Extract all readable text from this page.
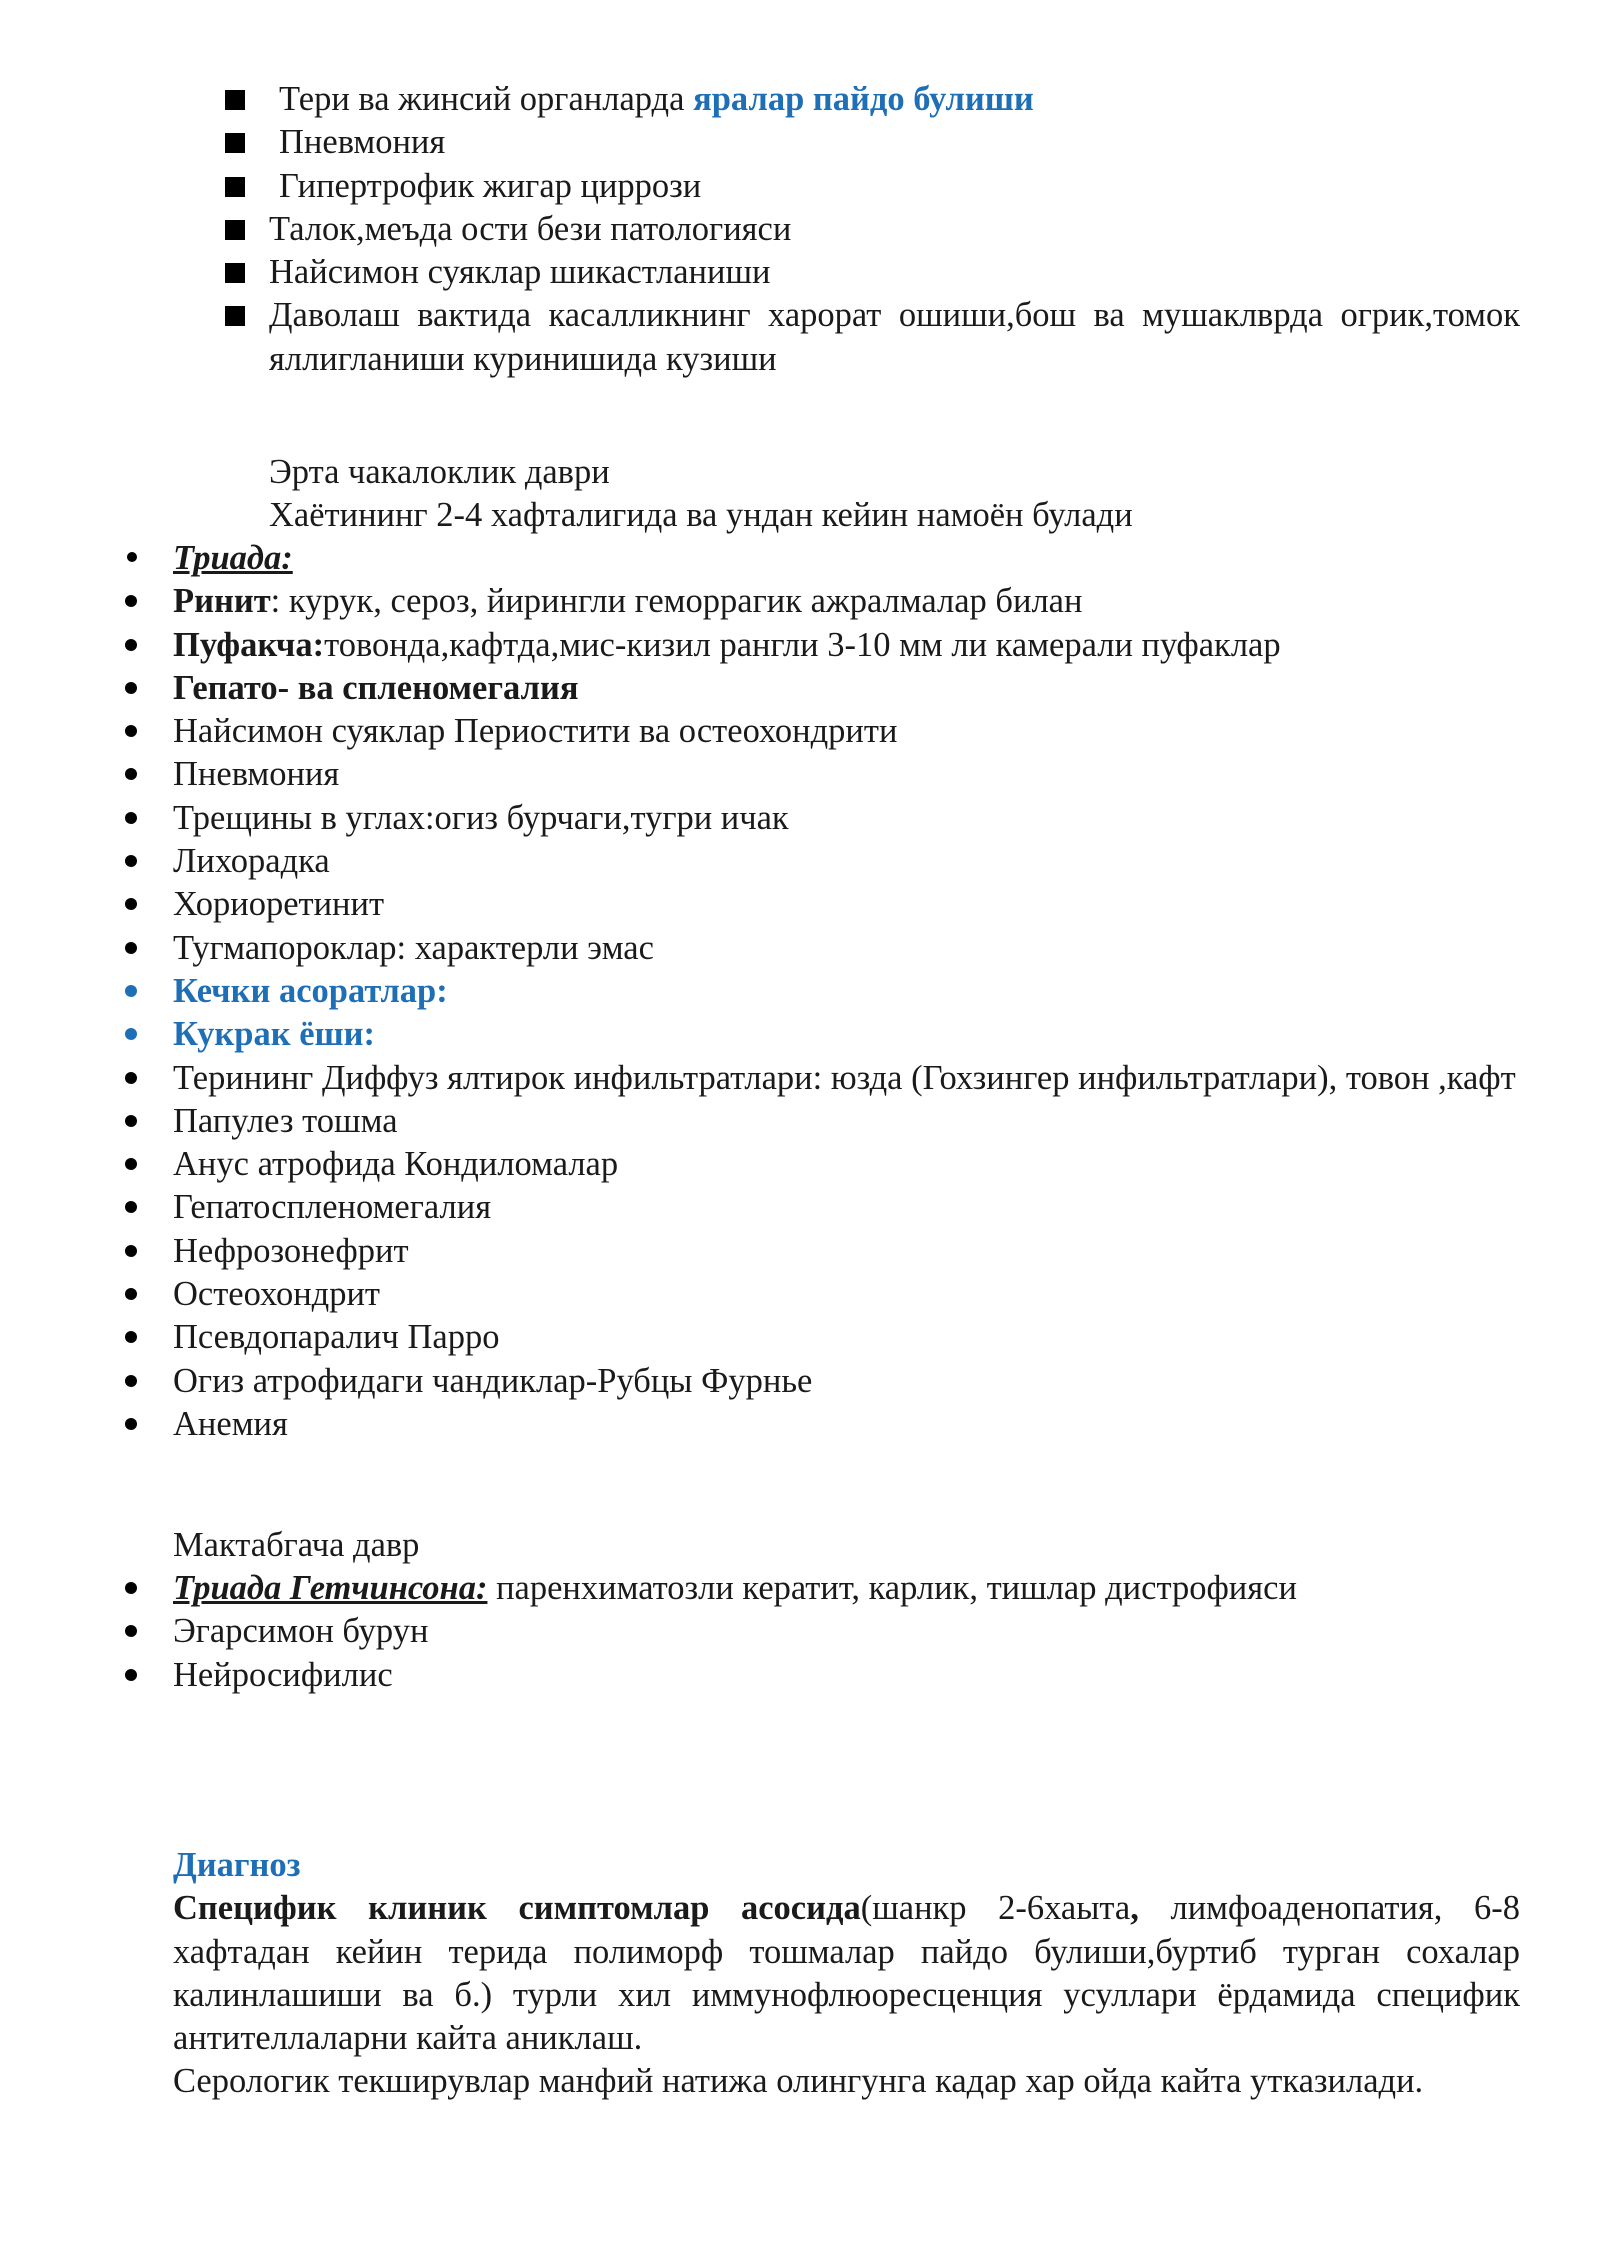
Тери ва жинсий органларда яралар пайдо булиши
Пневмония
Гипертрофик жигар циррози
Талок,меъда ости бези патологияси
Найсимон суяклар шикастланиши
Даволаш вактида касалликнинг харорат ошиши,бош ва мушаклврда огрик,томок яллигланиши куринишида кузиши
Эрта чакалоклик даври
Хаётининг 2-4 хафталигида ва ундан кейин намоён булади
Триада:
Ринит: курук, сероз, йирингли геморрагик ажралмалар билан
Пуфакча:товонда,кафтда,мис-кизил рангли 3-10 мм ли камерали пуфаклар
Гепато- ва спленомегалия
Найсимон суяклар Периостити ва остеохондрити
Пневмония
Трещины в углах:огиз бурчаги,тугри ичак
Лихорадка
Хориоретинит
Тугмапороклар: характерли эмас
Кечки асоратлар:
Кукрак ёши:
Терининг Диффуз ялтирок инфильтратлари: юзда (Гохзингер инфильтратлари), товон ,кафт
Папулез тошма
Анус атрофида Кондиломалар
Гепатоспленомегалия
Нефрозонефрит
Остеохондрит
Псевдопаралич Парро
Огиз атрофидаги чандиклар-Рубцы Фурнье
Анемия
Мактабгача давр
Триада Гетчинсона: паренхиматозли кератит, карлик, тишлар дистрофияси
Эгарсимон бурун
Нейросифилис
Диагноз

Специфик клиник симптомлар асосида(шанкр 2-6хаыта, лимфоаденопатия, 6-8 хафтадан кейин терида полиморф тошмалар пайдо булиши,буртиб турган сохалар калинлашиши ва б.) турли хил иммунофлюоресценция усуллари ёрдамида специфик антителлаларни кайта аниклаш.

Серологик текширувлар манфий натижа олингунга кадар хар ойда кайта утказилади.
